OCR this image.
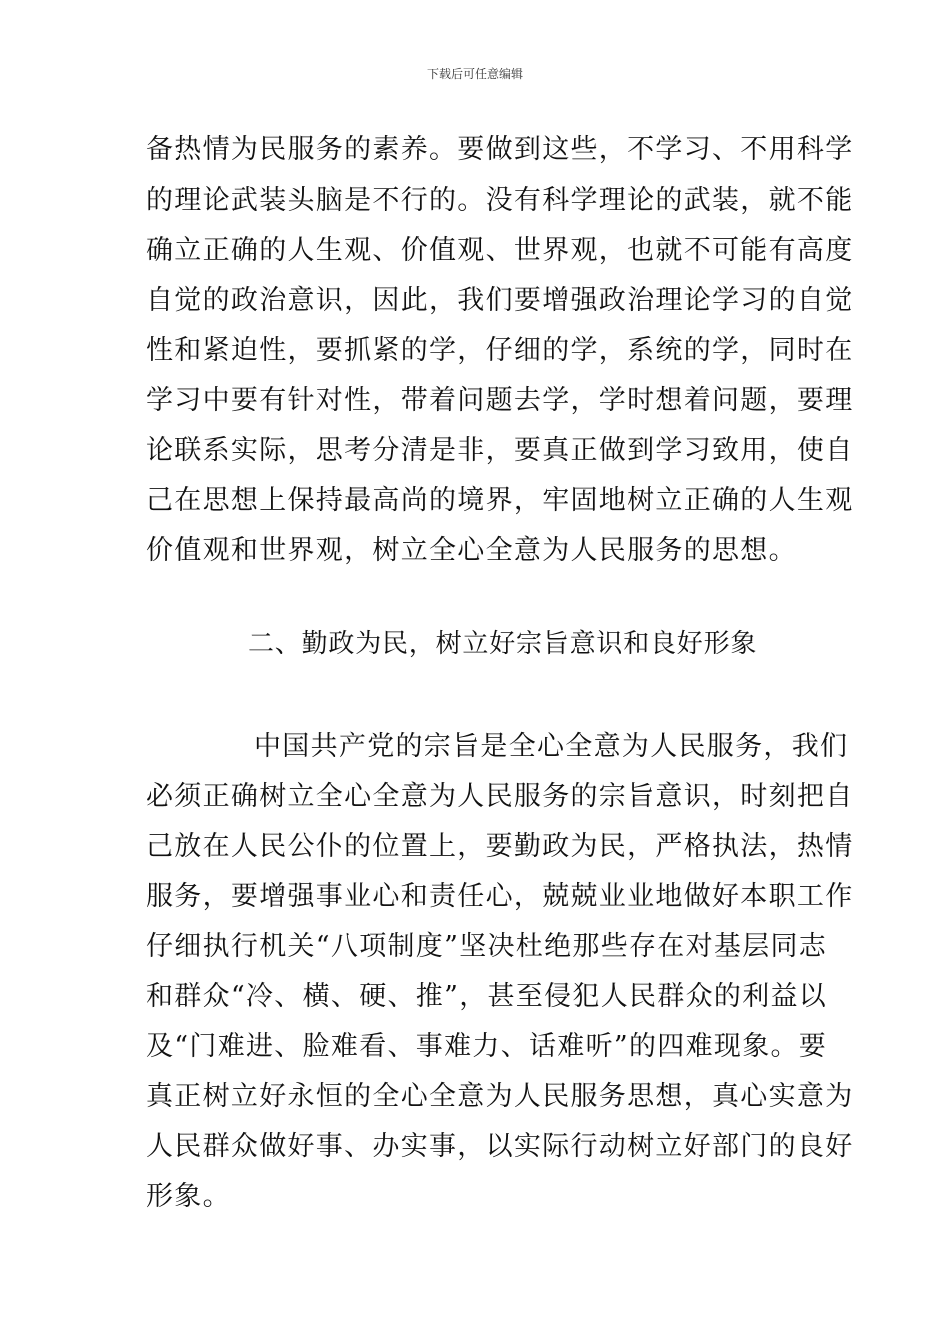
下载后可任意编辑
备热情为民服务的素养。要做到这些，不学习、不用科学
的理论武装头脑是不行的。没有科学理论的武装，就不能
确立正确的人生观、价值观、世界观，也就不可能有高度
自觉的政治意识，因此，我们要增强政治理论学习的自觉
性和紧迫性，要抓紧的学，仔细的学，系统的学，同时在
学习中要有针对性，带着问题去学，学时想着问题，要理
论联系实际，思考分清是非，要真正做到学习致用，使自
己在思想上保持最高尚的境界，牢固地树立正确的人生观
价值观和世界观，树立全心全意为人民服务的思想。
二、勤政为民，树立好宗旨意识和良好形象
中国共产党的宗旨是全心全意为人民服务，我们
必须正确树立全心全意为人民服务的宗旨意识，时刻把自
己放在人民公仆的位置上，要勤政为民，严格执法，热情
服务，要增强事业心和责任心，兢兢业业地做好本职工作
仔细执行机关“八项制度”坚决杜绝那些存在对基层同志
和群众“冷、横、硬、推”，甚至侵犯人民群众的利益以
及“门难进、脸难看、事难力、话难听”的四难现象。要
真正树立好永恒的全心全意为人民服务思想，真心实意为
人民群众做好事、办实事，以实际行动树立好部门的良好
形象。
